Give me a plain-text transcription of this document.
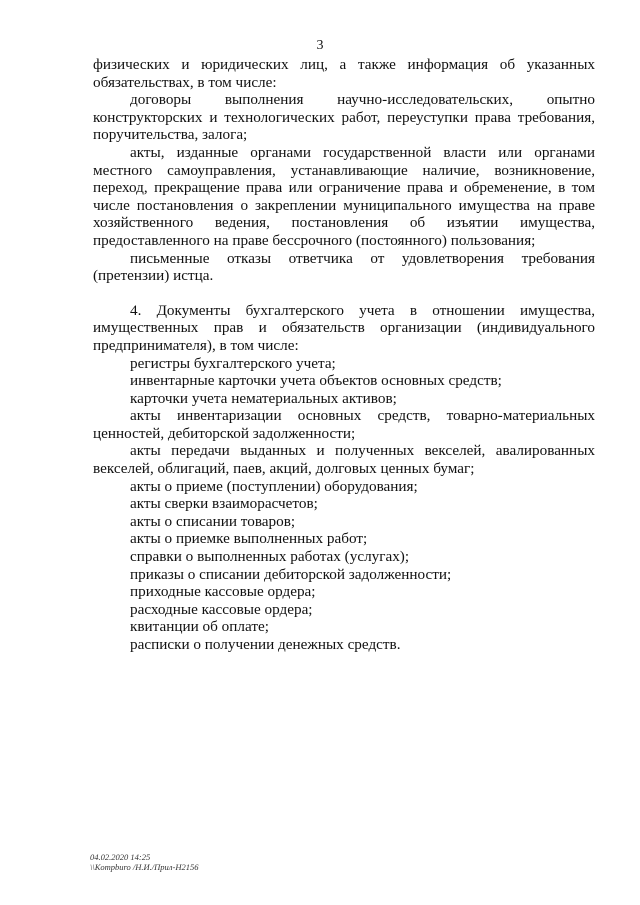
3

физических и юридических лиц, а также информация об указанных обязательствах, в том числе:

договоры выполнения научно-исследовательских, опытно конструкторских и технологических работ, переуступки права требования, поручительства, залога;

акты, изданные органами государственной власти или органами местного самоуправления, устанавливающие наличие, возникновение, переход, прекращение права или ограничение права и обременение, в том числе постановления о закреплении муниципального имущества на праве хозяйственного ведения, постановления об изъятии имущества, предоставленного на праве бессрочного (постоянного) пользования;

письменные отказы ответчика от удовлетворения требования (претензии) истца.

4. Документы бухгалтерского учета в отношении имущества, имущественных прав и обязательств организации (индивидуального предпринимателя), в том числе:

регистры бухгалтерского учета;

инвентарные карточки учета объектов основных средств;

карточки учета нематериальных активов;

акты инвентаризации основных средств, товарно-материальных ценностей, дебиторской задолженности;

акты передачи выданных и полученных векселей, авалированных векселей, облигаций, паев, акций, долговых ценных бумаг;

акты о приеме (поступлении) оборудования;

акты сверки взаиморасчетов;

акты о списании товаров;

акты о приемке выполненных работ;

справки о выполненных работах (услугах);

приказы о списании дебиторской задолженности;

приходные кассовые ордера;

расходные кассовые ордера;

квитанции об оплате;

расписки о получении денежных средств.

04.02.2020 14:25
\\Kompburo /Н.И./Прил-Н2156
